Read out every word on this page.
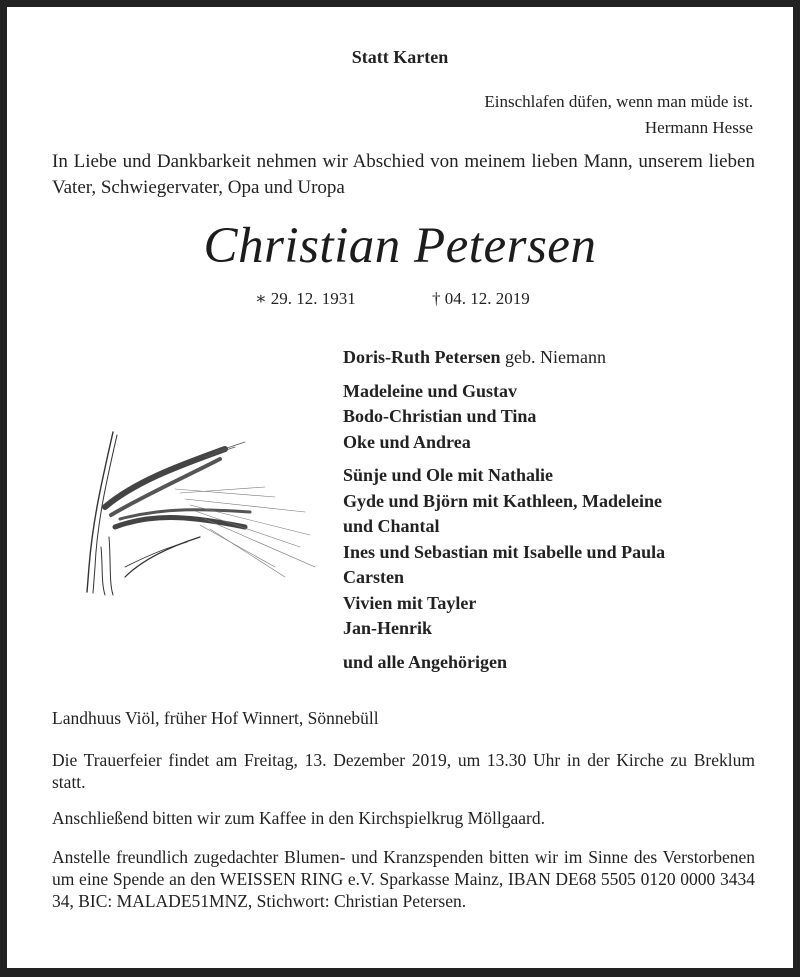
Statt Karten

Einschlafen düfen, wenn man müde ist.

Hermann Hesse

In Liebe und Dankbarkeit nehmen wir Abschied von meinem lieben Mann, unserem lieben Vater, Schwiegervater, Opa und Uropa

Christian Petersen

∗ 29. 12. 1931	† 04. 12. 2019

Doris-Ruth Petersen geb. Niemann
Madeleine und Gustav
Bodo-Christian und Tina
Oke und Andrea
Sünje und Ole mit Nathalie
Gyde und Björn mit Kathleen, Madeleine
und Chantal
Ines und Sebastian mit Isabelle und Paula
Carsten
Vivien mit Tayler
Jan-Henrik
und alle Angehörigen

Landhuus Viöl, früher Hof Winnert, Sönnebüll

Die Trauerfeier findet am Freitag, 13. Dezember 2019, um 13.30 Uhr in der Kirche zu Breklum statt.

Anschließend bitten wir zum Kaffee in den Kirchspielkrug Möllgaard.

Anstelle freundlich zugedachter Blumen- und Kranzspenden bitten wir im Sinne des Verstorbenen um eine Spende an den WEISSEN RING e.V. Sparkasse Mainz, IBAN DE68 5505 0120 0000 3434 34, BIC: MALADE51MNZ, Stichwort: Christian Petersen.
